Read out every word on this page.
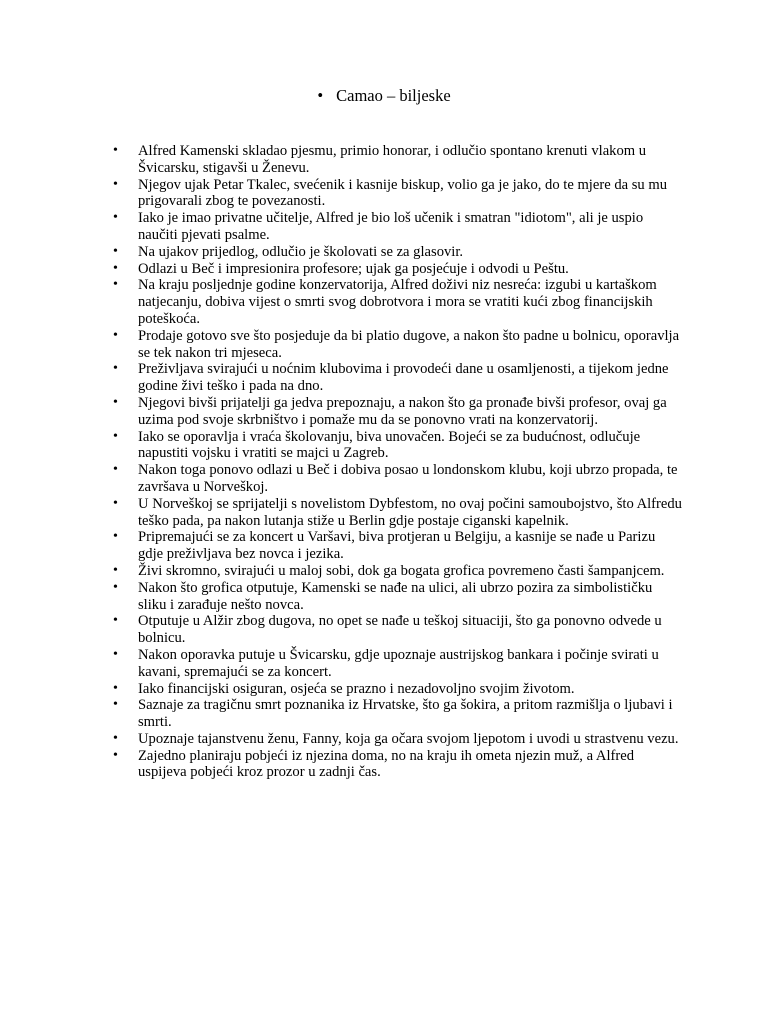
• Camao – biljeske
• Alfred Kamenski skladao pjesmu, primio honorar, i odlučio spontano krenuti vlakom u Švicarsku, stigavši u Ženevu.
• Njegov ujak Petar Tkalec, svećenik i kasnije biskup, volio ga je jako, do te mjere da su mu prigovarali zbog te povezanosti.
• Iako je imao privatne učitelje, Alfred je bio loš učenik i smatran "idiotom", ali je uspio naučiti pjevati psalme.
• Na ujakov prijedlog, odlučio je školovati se za glasovir.
• Odlazi u Beč i impresionira profesore; ujak ga posjećuje i odvodi u Peštu.
• Na kraju posljednje godine konzervatorija, Alfred doživi niz nesreća: izgubi u kartaškom natjecanju, dobiva vijest o smrti svog dobrotvora i mora se vratiti kući zbog financijskih poteškoća.
• Prodaje gotovo sve što posjeduje da bi platio dugove, a nakon što padne u bolnicu, oporavlja se tek nakon tri mjeseca.
• Preživljava svirajući u noćnim klubovima i provodeći dane u osamljenosti, a tijekom jedne godine živi teško i pada na dno.
• Njegovi bivši prijatelji ga jedva prepoznaju, a nakon što ga pronađe bivši profesor, ovaj ga uzima pod svoje skrbništvo i pomaže mu da se ponovno vrati na konzervatorij.
• Iako se oporavlja i vraća školovanju, biva unovačen. Bojeći se za budućnost, odlučuje napustiti vojsku i vratiti se majci u Zagreb.
• Nakon toga ponovo odlazi u Beč i dobiva posao u londonskom klubu, koji ubrzo propada, te završava u Norveškoj.
• U Norveškoj se sprijatelji s novelistom Dybfestom, no ovaj počini samoubojstvo, što Alfredu teško pada, pa nakon lutanja stiže u Berlin gdje postaje ciganski kapelnik.
• Pripremajući se za koncert u Varšavi, biva protjeran u Belgiju, a kasnije se nađe u Parizu gdje preživljava bez novca i jezika.
• Živi skromno, svirajući u maloj sobi, dok ga bogata grofica povremeno časti šampanjcem.
• Nakon što grofica otputuje, Kamenski se nađe na ulici, ali ubrzo pozira za simbolističku sliku i zarađuje nešto novca.
• Otputuje u Alžir zbog dugova, no opet se nađe u teškoj situaciji, što ga ponovno odvede u bolnicu.
• Nakon oporavka putuje u Švicarsku, gdje upoznaje austrijskog bankara i počinje svirati u kavani, spremajući se za koncert.
• Iako financijski osiguran, osjeća se prazno i nezadovoljno svojim životom.
• Saznaje za tragičnu smrt poznanika iz Hrvatske, što ga šokira, a pritom razmišlja o ljubavi i smrti.
• Upoznaje tajanstvenu ženu, Fanny, koja ga očara svojom ljepotom i uvodi u strastvenu vezu.
• Zajedno planiraju pobjeći iz njezina doma, no na kraju ih ometa njezin muž, a Alfred uspijeva pobjeći kroz prozor u zadnji čas.
